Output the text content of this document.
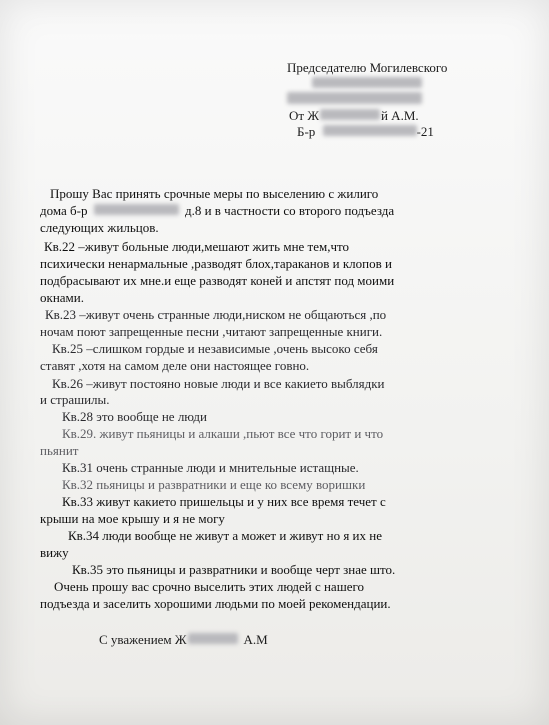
Председателю Могилевского
От Ж	й А.М.
Б-р	-21
Прошу Вас принять срочные меры по выселению с жилиго
дома б-р	д.8 и в частности со второго подъезда
следующих жильцов.
Кв.22 –живут больные люди,мешают жить мне тем,что
психически ненармальные ,разводят блох,тараканов и клопов и
подбрасывают их мне.и еще разводят коней и апстят под моими
окнами.
Кв.23 –живут очень странные люди,ниском не общаються ,по
ночам поют запрещенные песни ,читают запрещенные книги.
Кв.25 –слишком гордые и независимые ,очень высоко себя
ставят ,хотя на самом деле они настоящее говно.
Кв.26 –живут постояно новые люди и все какието выблядки
и страшилы.
Кв.28 это вообще не люди
Кв.29. живут пьяницы и алкаши ,пьют все что горит и что
пьянит
Кв.31 очень странные люди и мнительные истащные.
Кв.32 пьяницы и развратники и еще ко всему воришки
Кв.33 живут какието пришельцы и у них все время течет с
крыши на мое крышу и я не могу
Кв.34 люди вообще не живут а может и живут но я их не
вижу
Кв.35 это пьяницы и развратники и вообще черт знае што.
Очень прошу вас срочно выселить этих людей с нашего
подъезда и заселить хорошими людьми по моей рекомендации.
С уважением Ж	А.М
